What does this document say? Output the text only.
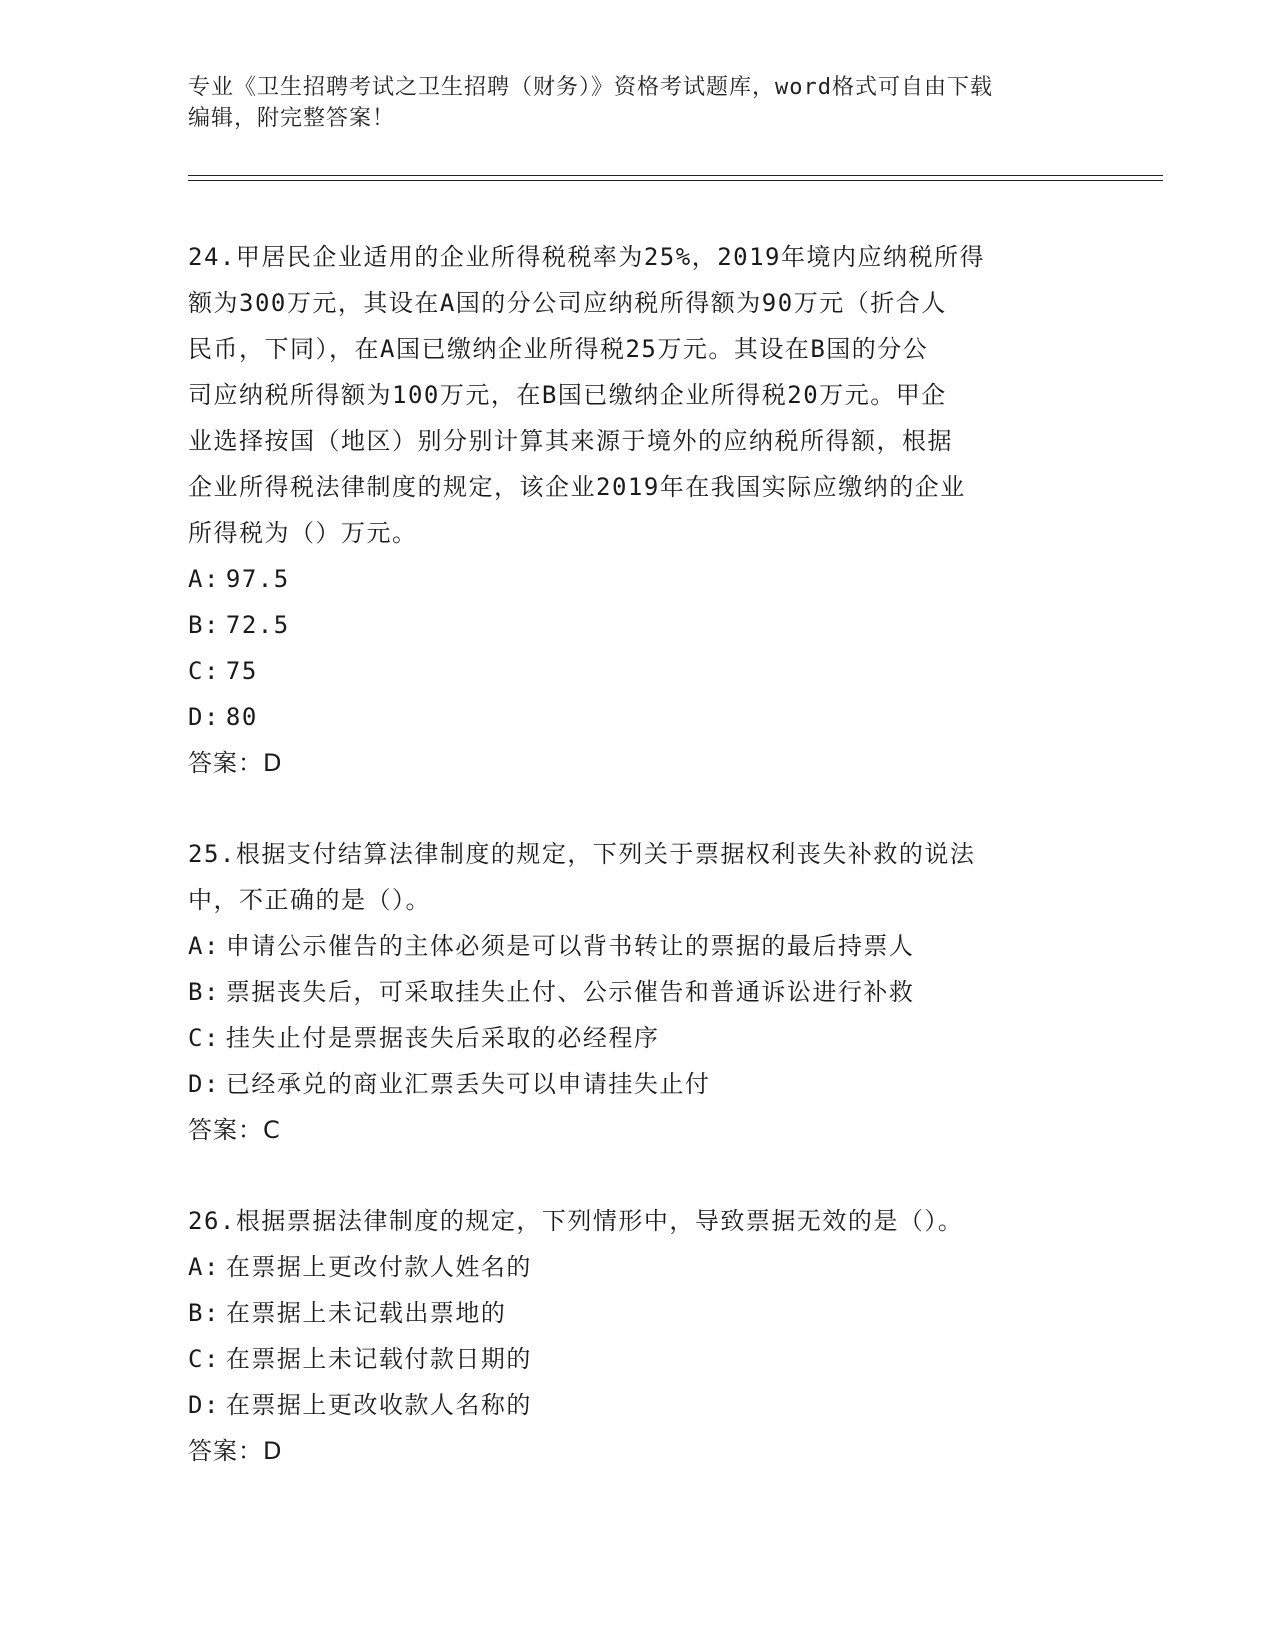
专业《卫生招聘考试之卫生招聘（财务）》资格考试题库，word格式可自由下载
编辑，附完整答案！
24.甲居民企业适用的企业所得税税率为25%，2019年境内应纳税所得
额为300万元，其设在A国的分公司应纳税所得额为90万元（折合人
民币，下同），在A国已缴纳企业所得税25万元。其设在B国的分公
司应纳税所得额为100万元，在B国已缴纳企业所得税20万元。甲企
业选择按国（地区）别分别计算其来源于境外的应纳税所得额，根据
企业所得税法律制度的规定，该企业2019年在我国实际应缴纳的企业
所得税为（）万元。
A: 97.5
B: 72.5
C: 75
D: 80
答案：D
25.根据支付结算法律制度的规定，下列关于票据权利丧失补救的说法
中，不正确的是（）。
A: 申请公示催告的主体必须是可以背书转让的票据的最后持票人
B: 票据丧失后，可采取挂失止付、公示催告和普通诉讼进行补救
C: 挂失止付是票据丧失后采取的必经程序
D: 已经承兑的商业汇票丢失可以申请挂失止付
答案：C
26.根据票据法律制度的规定，下列情形中，导致票据无效的是（）。
A: 在票据上更改付款人姓名的
B: 在票据上未记载出票地的
C: 在票据上未记载付款日期的
D: 在票据上更改收款人名称的
答案：D
